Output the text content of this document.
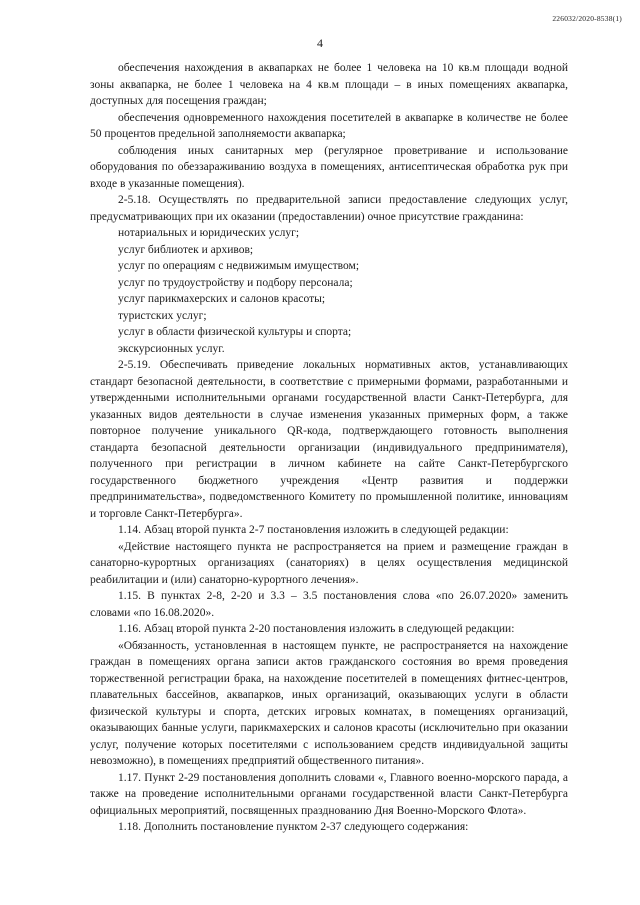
226032/2020-8538(1)
4

обеспечения нахождения в аквапарках не более 1 человека на 10 кв.м площади водной зоны аквапарка, не более 1 человека на 4 кв.м площади – в иных помещениях аквапарка, доступных для посещения граждан;

обеспечения одновременного нахождения посетителей в аквапарке в количестве не более 50 процентов предельной заполняемости аквапарка;

соблюдения иных санитарных мер (регулярное проветривание и использование оборудования по обеззараживанию воздуха в помещениях, антисептическая обработка рук при входе в указанные помещения).

2-5.18. Осуществлять по предварительной записи предоставление следующих услуг, предусматривающих при их оказании (предоставлении) очное присутствие гражданина:

нотариальных и юридических услуг;

услуг библиотек и архивов;

услуг по операциям с недвижимым имуществом;

услуг по трудоустройству и подбору персонала;

услуг парикмахерских и салонов красоты;

туристских услуг;

услуг в области физической культуры и спорта;

экскурсионных услуг.

2-5.19. Обеспечивать приведение локальных нормативных актов, устанавливающих стандарт безопасной деятельности, в соответствие с примерными формами, разработанными и утвержденными исполнительными органами государственной власти Санкт-Петербурга, для указанных видов деятельности в случае изменения указанных примерных форм, а также повторное получение уникального QR-кода, подтверждающего готовность выполнения стандарта безопасной деятельности организации (индивидуального предпринимателя), полученного при регистрации в личном кабинете на сайте Санкт-Петербургского государственного бюджетного учреждения «Центр развития и поддержки предпринимательства», подведомственного Комитету по промышленной политике, инновациям и торговле Санкт-Петербурга».

1.14. Абзац второй пункта 2-7 постановления изложить в следующей редакции:

«Действие настоящего пункта не распространяется на прием и размещение граждан в санаторно-курортных организациях (санаториях) в целях осуществления медицинской реабилитации и (или) санаторно-курортного лечения».

1.15. В пунктах 2-8, 2-20 и 3.3 – 3.5 постановления слова «по 26.07.2020» заменить словами «по 16.08.2020».

1.16. Абзац второй пункта 2-20 постановления изложить в следующей редакции:

«Обязанность, установленная в настоящем пункте, не распространяется на нахождение граждан в помещениях органа записи актов гражданского состояния во время проведения торжественной регистрации брака, на нахождение посетителей в помещениях фитнес-центров, плавательных бассейнов, аквапарков, иных организаций, оказывающих услуги в области физической культуры и спорта, детских игровых комнатах, в помещениях организаций, оказывающих банные услуги, парикмахерских и салонов красоты (исключительно при оказании услуг, получение которых посетителями с использованием средств индивидуальной защиты невозможно), в помещениях предприятий общественного питания».

1.17. Пункт 2-29 постановления дополнить словами «, Главного военно-морского парада, а также на проведение исполнительными органами государственной власти Санкт-Петербурга официальных мероприятий, посвященных празднованию Дня Военно-Морского Флота».

1.18. Дополнить постановление пунктом 2-37 следующего содержания:
